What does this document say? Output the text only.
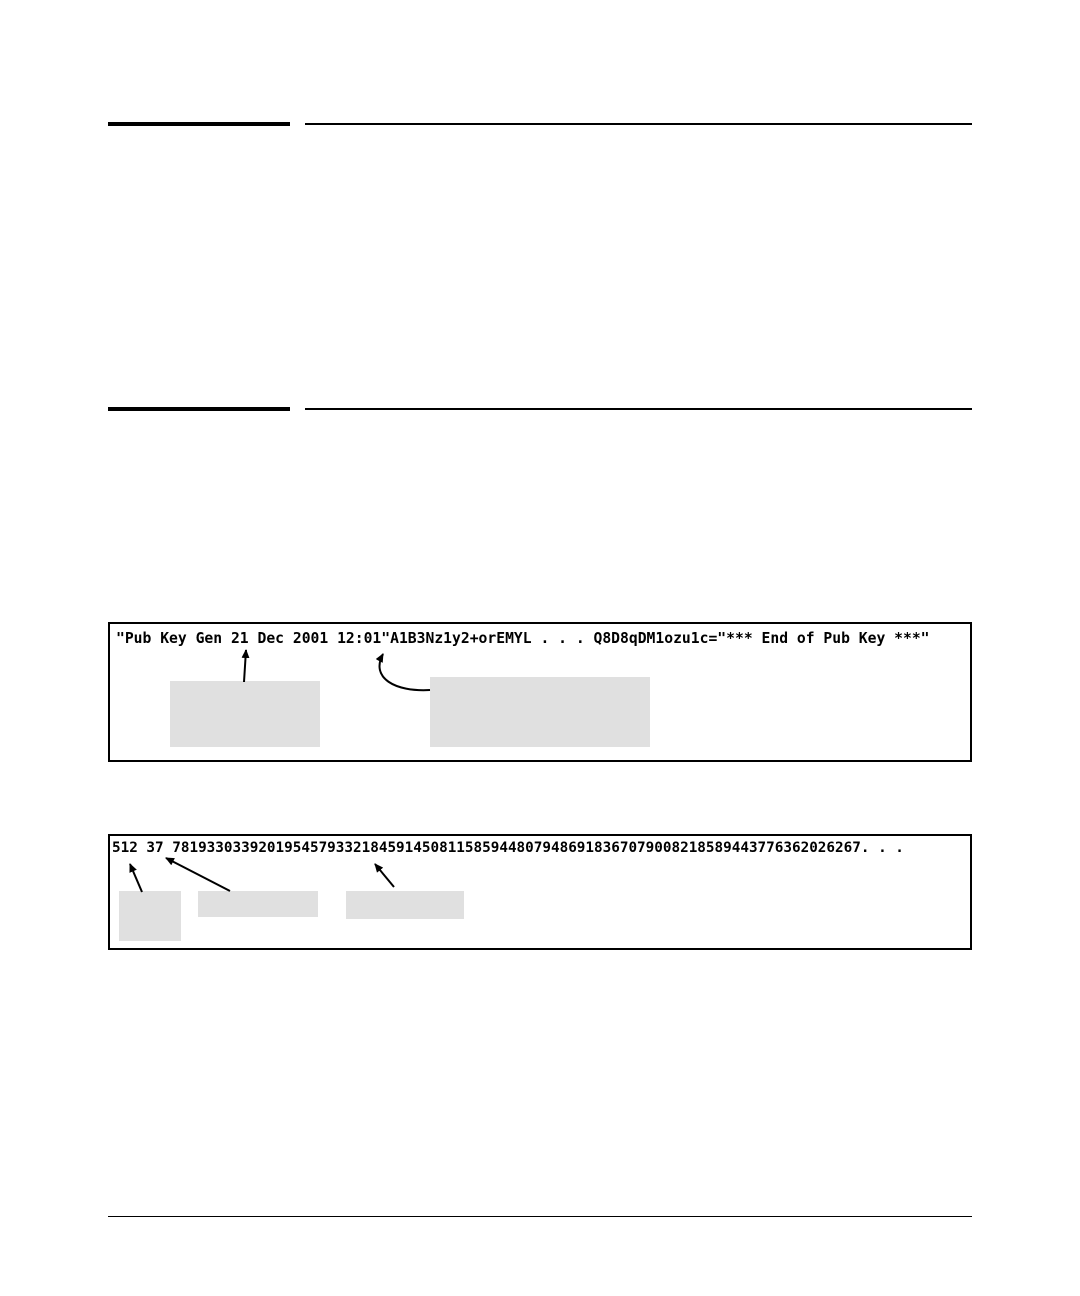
"Pub Key Gen 21 Dec 2001 12:01"A1B3Nz1y2+orEMYL . . . Q8D8qDM1ozu1c="*** End of Pub Key ***"
512 37 7819330339201954579332184591450811585944807948691836707900821858944377636202626​7. . .
